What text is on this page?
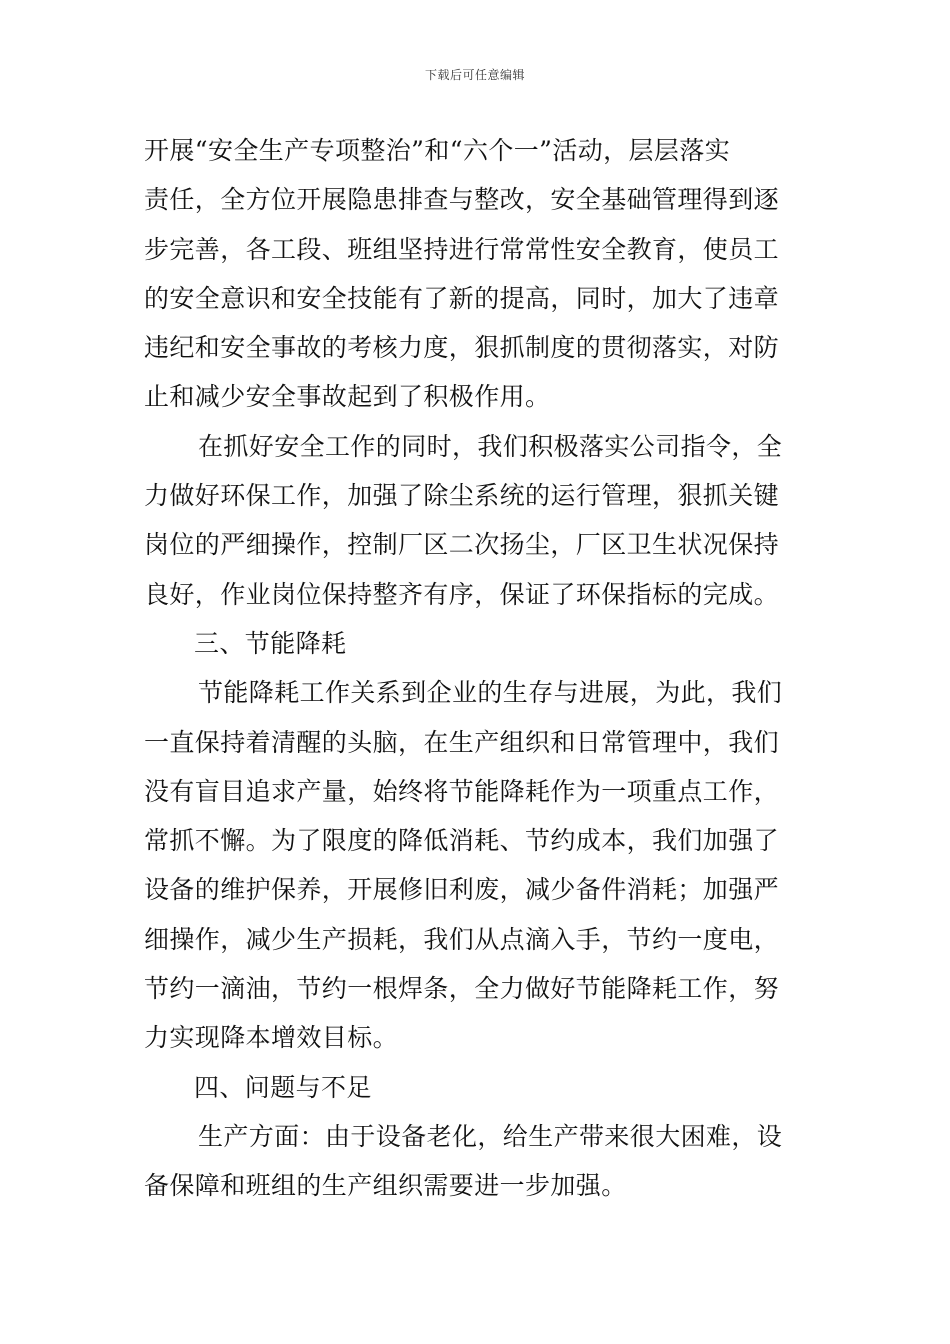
下载后可任意编辑
开展“安全生产专项整治”和“六个一”活动，层层落实
责任，全方位开展隐患排查与整改，安全基础管理得到逐
步完善，各工段、班组坚持进行常常性安全教育，使员工
的安全意识和安全技能有了新的提高，同时，加大了违章
违纪和安全事故的考核力度，狠抓制度的贯彻落实，对防
止和减少安全事故起到了积极作用。
在抓好安全工作的同时，我们积极落实公司指令，全
力做好环保工作，加强了除尘系统的运行管理，狠抓关键
岗位的严细操作，控制厂区二次扬尘，厂区卫生状况保持
良好，作业岗位保持整齐有序，保证了环保指标的完成。
三、节能降耗
节能降耗工作关系到企业的生存与进展，为此，我们
一直保持着清醒的头脑，在生产组织和日常管理中，我们
没有盲目追求产量，始终将节能降耗作为一项重点工作，
常抓不懈。为了限度的降低消耗、节约成本，我们加强了
设备的维护保养，开展修旧利废，减少备件消耗；加强严
细操作，减少生产损耗，我们从点滴入手，节约一度电，
节约一滴油，节约一根焊条，全力做好节能降耗工作，努
力实现降本增效目标。
四、问题与不足
生产方面：由于设备老化，给生产带来很大困难，设
备保障和班组的生产组织需要进一步加强。
